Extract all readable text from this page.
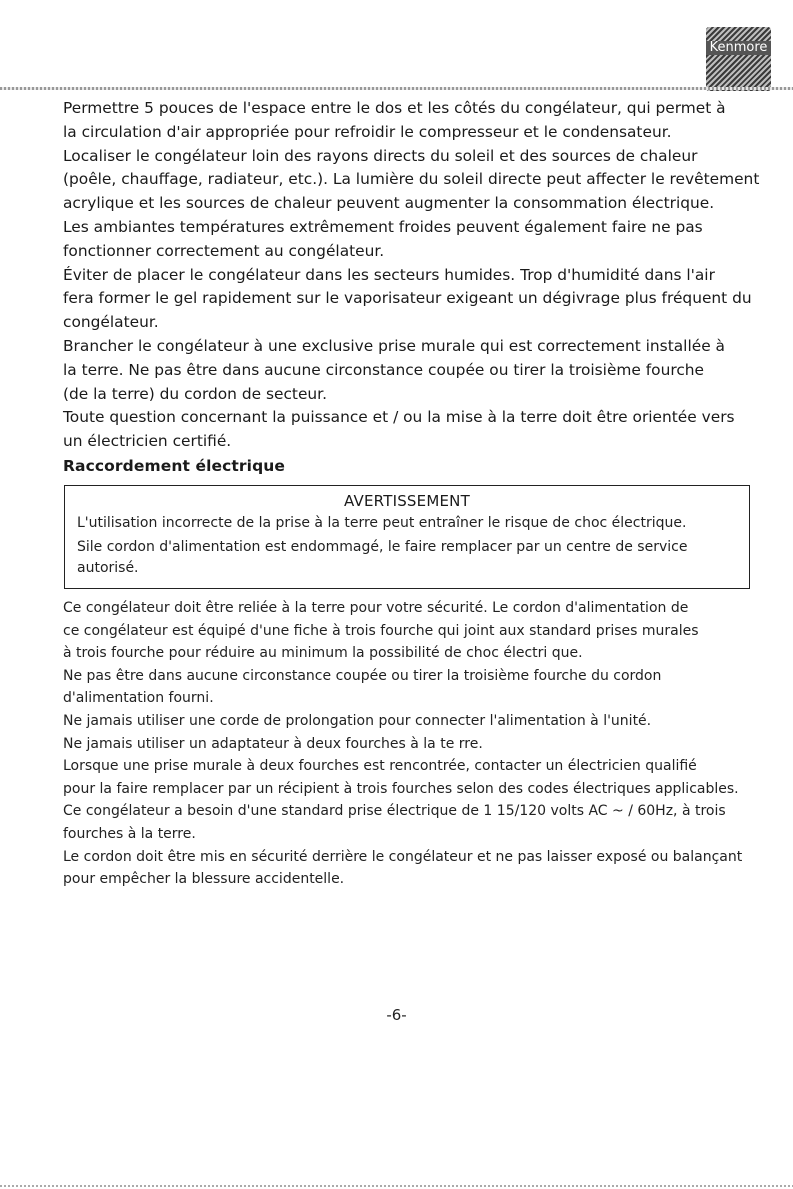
Kenmore
Permettre 5 pouces de l'espace entre le dos et les côtés du congélateur, qui permet à
la circulation d'air appropriée pour refroidir le compresseur et le condensateur.
Localiser le congélateur loin des rayons directs du soleil et des sources de chaleur
(poêle, chauffage, radiateur, etc.). La lumière du soleil directe peut affecter le revêtement
acrylique et les sources de chaleur peuvent augmenter la consommation électrique.
Les ambiantes températures extrêmement froides peuvent également faire ne pas
fonctionner correctement au congélateur.
Éviter de placer le congélateur dans les secteurs humides. Trop d'humidité dans l'air
fera former le gel rapidement sur le vaporisateur exigeant un dégivrage plus fréquent du
congélateur.
Brancher le congélateur à une exclusive prise murale qui est correctement installée à
la terre. Ne pas être dans aucune circonstance coupée ou tirer la troisième fourche
(de la terre) du cordon de secteur.
Toute question concernant la puissance et / ou la mise à la terre doit être orientée vers
un électricien certifié.
Raccordement électrique
AVERTISSEMENT
L'utilisation incorrecte de la prise à la terre peut entraîner le risque de choc électrique.
Sile cordon d'alimentation est endommagé, le faire remplacer par un centre de service
autorisé.
Ce congélateur doit être reliée à la terre pour votre sécurité. Le cordon d'alimentation de
ce congélateur est équipé d'une fiche à trois fourche qui joint aux standard prises murales
à trois fourche pour réduire au minimum la possibilité de choc électri que.
Ne pas être dans aucune circonstance coupée ou tirer la troisième fourche du cordon
d'alimentation fourni.
Ne jamais utiliser une corde de prolongation pour connecter l'alimentation à l'unité.
Ne jamais utiliser un adaptateur à deux fourches à la te rre.
Lorsque une prise murale à deux fourches est rencontrée, contacter un électricien qualifié
pour la faire remplacer par un récipient à trois fourches selon des codes électriques applicables.
Ce congélateur a besoin d'une standard prise électrique de 1 15/120 volts AC ~ / 60Hz, à trois
fourches à la terre.
Le cordon doit être mis en sécurité derrière le congélateur et ne pas laisser exposé ou balançant
pour empêcher la blessure accidentelle.
-6-
